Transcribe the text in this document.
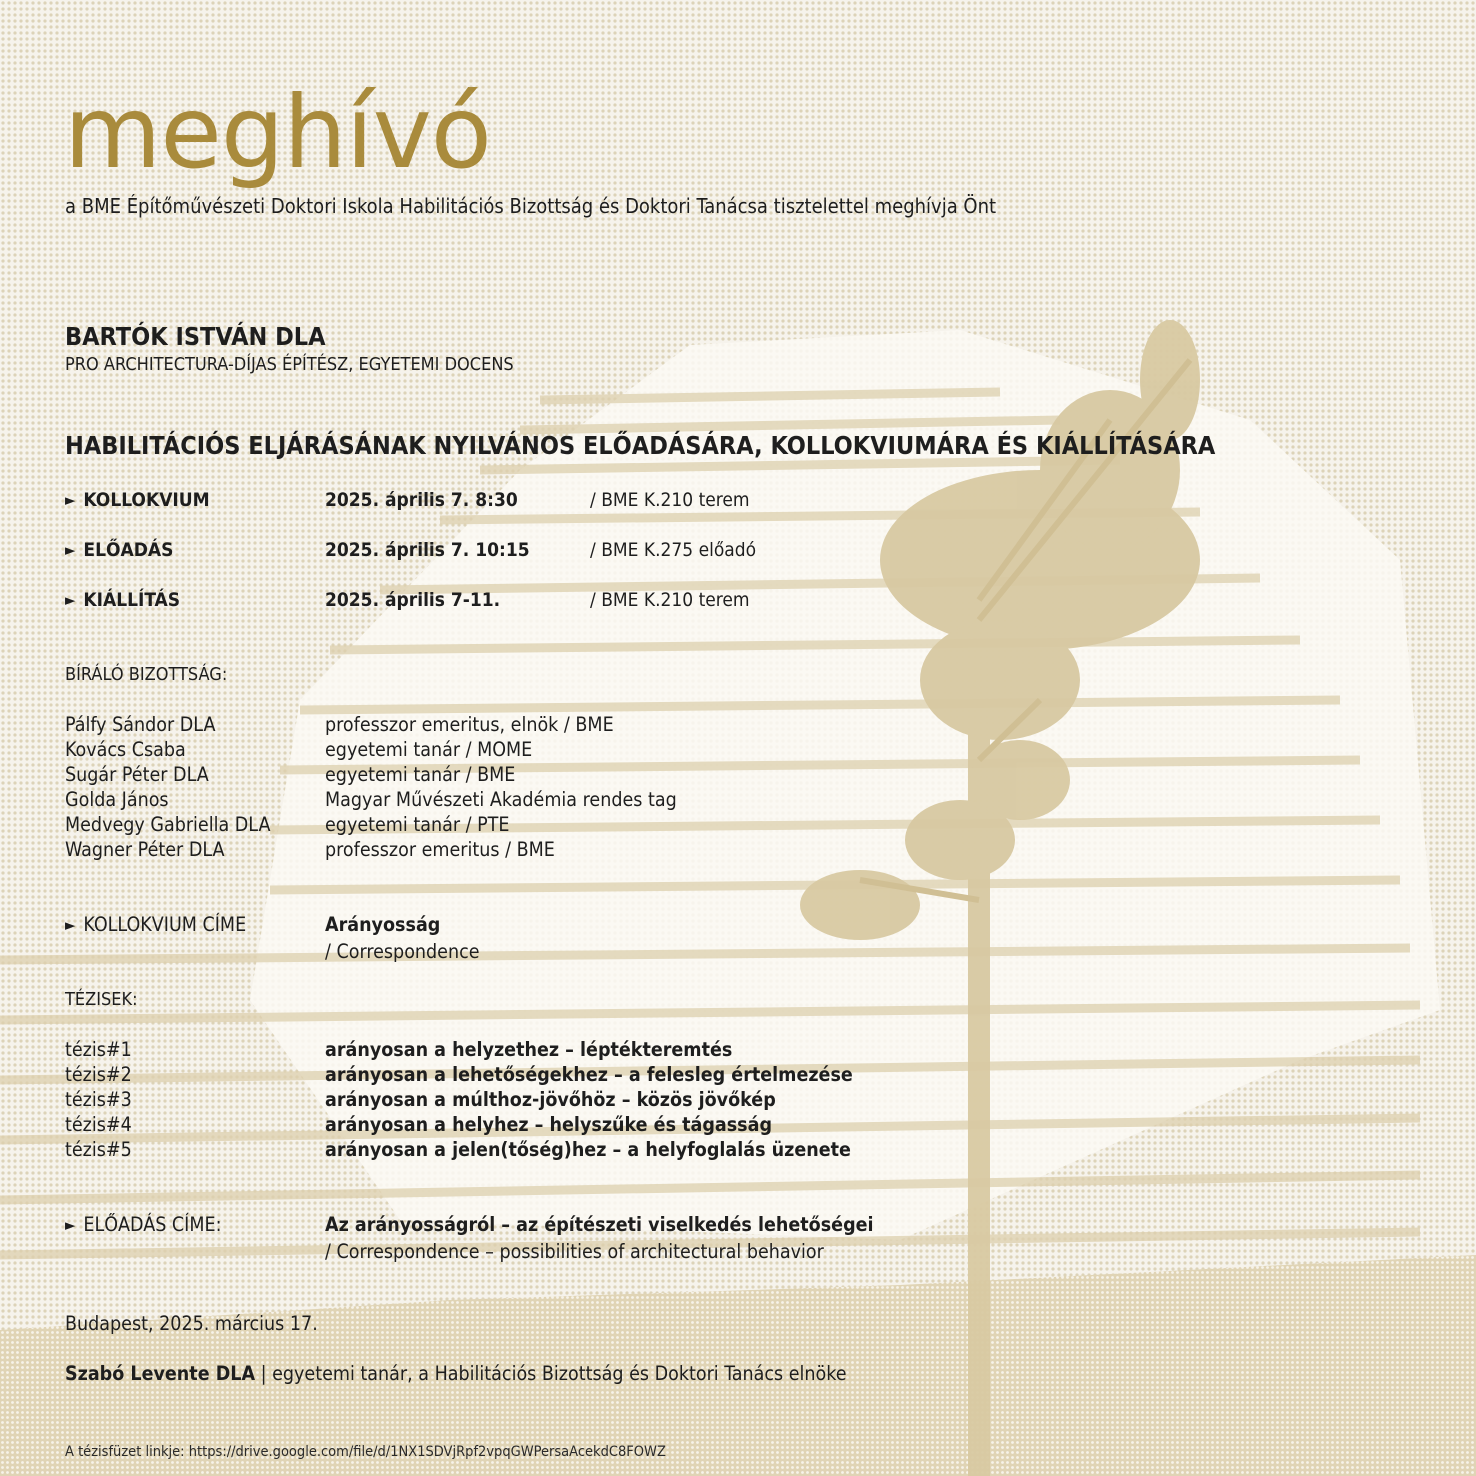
meghívó
a BME Építőművészeti Doktori Iskola Habilitációs Bizottság és Doktori Tanácsa tisztelettel meghívja Önt
BARTÓK ISTVÁN DLA
PRO ARCHITECTURA-DÍJAS ÉPÍTÉSZ, EGYETEMI DOCENS
HABILITÁCIÓS ELJÁRÁSÁNAK NYILVÁNOS ELŐADÁSÁRA, KOLLOKVIUMÁRA ÉS KIÁLLÍTÁSÁRA
► KOLLOKVIUM	2025. április 7. 8:30	/ BME K.210 terem
► ELŐADÁS	2025. április 7. 10:15	/ BME K.275 előadó
► KIÁLLÍTÁS	2025. április 7-11.	/ BME K.210 terem
BÍRÁLÓ BIZOTTSÁG:
Pálfy Sándor DLA	professzor emeritus, elnök / BME
Kovács Csaba	egyetemi tanár / MOME
Sugár Péter DLA	egyetemi tanár / BME
Golda János	Magyar Művészeti Akadémia rendes tag
Medvegy Gabriella DLA	egyetemi tanár / PTE
Wagner Péter DLA	professzor emeritus / BME
► KOLLOKVIUM CÍME	Arányosság
/ Correspondence
TÉZISEK:
tézis#1	arányosan a helyzethez – léptékteremtés
tézis#2	arányosan a lehetőségekhez – a felesleg értelmezése
tézis#3	arányosan a múlthoz-jövőhöz – közös jövőkép
tézis#4	arányosan a helyhez – helyszűke és tágasság
tézis#5	arányosan a jelen(tőség)hez – a helyfoglalás üzenete
► ELŐADÁS CÍME:	Az arányosságról – az építészeti viselkedés lehetőségei
/ Correspondence – possibilities of architectural behavior
Budapest, 2025. március 17.
Szabó Levente DLA | egyetemi tanár, a Habilitációs Bizottság és Doktori Tanács elnöke
A tézisfüzet linkje: https://drive.google.com/file/d/1NX1SDVjRpf2vpqGWPersaAcekdC8FOWZ
